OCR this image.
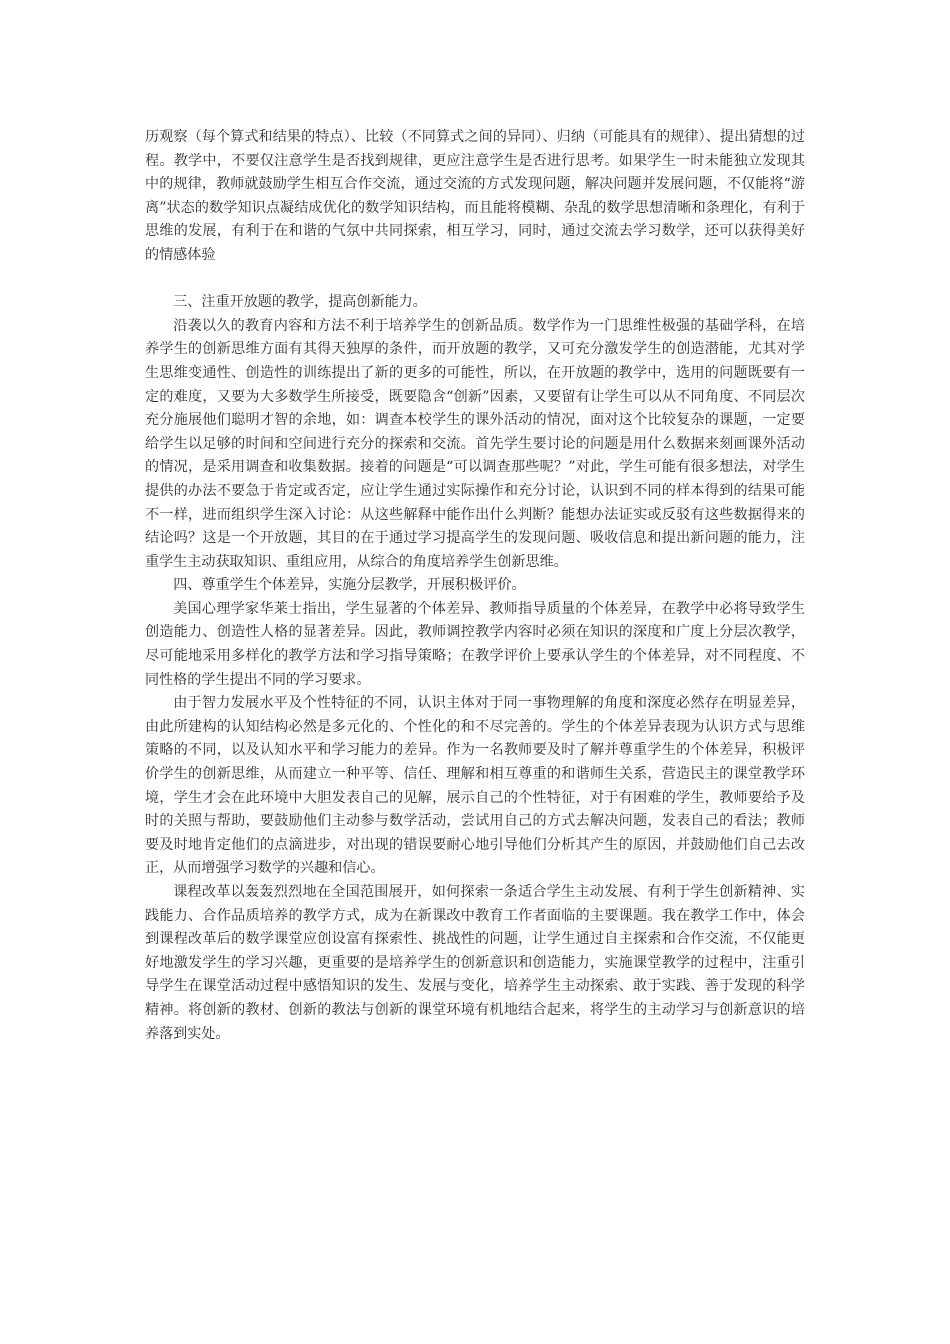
历观察（每个算式和结果的特点）、比较（不同算式之间的异同）、归纳（可能具有的规律）、提出猜想的过程。教学中，不要仅注意学生是否找到规律，更应注意学生是否进行思考。如果学生一时未能独立发现其中的规律，教师就鼓励学生相互合作交流，通过交流的方式发现问题，解决问题并发展问题，不仅能将“游离”状态的数学知识点凝结成优化的数学知识结构，而且能将模糊、杂乱的数学思想清晰和条理化，有利于思维的发展，有利于在和谐的气氛中共同探索，相互学习，同时，通过交流去学习数学，还可以获得美好的情感体验

三、注重开放题的教学，提高创新能力。

沿袭以久的教育内容和方法不利于培养学生的创新品质。数学作为一门思维性极强的基础学科，在培养学生的创新思维方面有其得天独厚的条件，而开放题的教学，又可充分激发学生的创造潜能，尤其对学生思维变通性、创造性的训练提出了新的更多的可能性，所以，在开放题的教学中，选用的问题既要有一定的难度，又要为大多数学生所接受，既要隐含“创新”因素，又要留有让学生可以从不同角度、不同层次充分施展他们聪明才智的余地，如：调查本校学生的课外活动的情况，面对这个比较复杂的课题，一定要给学生以足够的时间和空间进行充分的探索和交流。首先学生要讨论的问题是用什么数据来刻画课外活动的情况，是采用调查和收集数据。接着的问题是“可以调查那些呢？”对此，学生可能有很多想法，对学生提供的办法不要急于肯定或否定，应让学生通过实际操作和充分讨论，认识到不同的样本得到的结果可能不一样，进而组织学生深入讨论：从这些解释中能作出什么判断？能想办法证实或反驳有这些数据得来的结论吗？这是一个开放题，其目的在于通过学习提高学生的发现问题、吸收信息和提出新问题的能力，注重学生主动获取知识、重组应用，从综合的角度培养学生创新思维。

四、尊重学生个体差异，实施分层教学，开展积极评价。

美国心理学家华莱士指出，学生显著的个体差异、教师指导质量的个体差异，在教学中必将导致学生创造能力、创造性人格的显著差异。因此，教师调控教学内容时必须在知识的深度和广度上分层次教学，尽可能地采用多样化的教学方法和学习指导策略；在教学评价上要承认学生的个体差异，对不同程度、不同性格的学生提出不同的学习要求。

由于智力发展水平及个性特征的不同，认识主体对于同一事物理解的角度和深度必然存在明显差异，由此所建构的认知结构必然是多元化的、个性化的和不尽完善的。学生的个体差异表现为认识方式与思维策略的不同，以及认知水平和学习能力的差异。作为一名教师要及时了解并尊重学生的个体差异，积极评价学生的创新思维，从而建立一种平等、信任、理解和相互尊重的和谐师生关系，营造民主的课堂教学环境，学生才会在此环境中大胆发表自己的见解，展示自己的个性特征，对于有困难的学生，教师要给予及时的关照与帮助，要鼓励他们主动参与数学活动，尝试用自己的方式去解决问题，发表自己的看法；教师要及时地肯定他们的点滴进步，对出现的错误要耐心地引导他们分析其产生的原因，并鼓励他们自己去改正，从而增强学习数学的兴趣和信心。

课程改革以轰轰烈烈地在全国范围展开，如何探索一条适合学生主动发展、有利于学生创新精神、实践能力、合作品质培养的教学方式，成为在新课改中教育工作者面临的主要课题。我在教学工作中，体会到课程改革后的数学课堂应创设富有探索性、挑战性的问题，让学生通过自主探索和合作交流，不仅能更好地激发学生的学习兴趣，更重要的是培养学生的创新意识和创造能力，实施课堂教学的过程中，注重引导学生在课堂活动过程中感悟知识的发生、发展与变化，培养学生主动探索、敢于实践、善于发现的科学精神。将创新的教材、创新的教法与创新的课堂环境有机地结合起来，将学生的主动学习与创新意识的培养落到实处。
